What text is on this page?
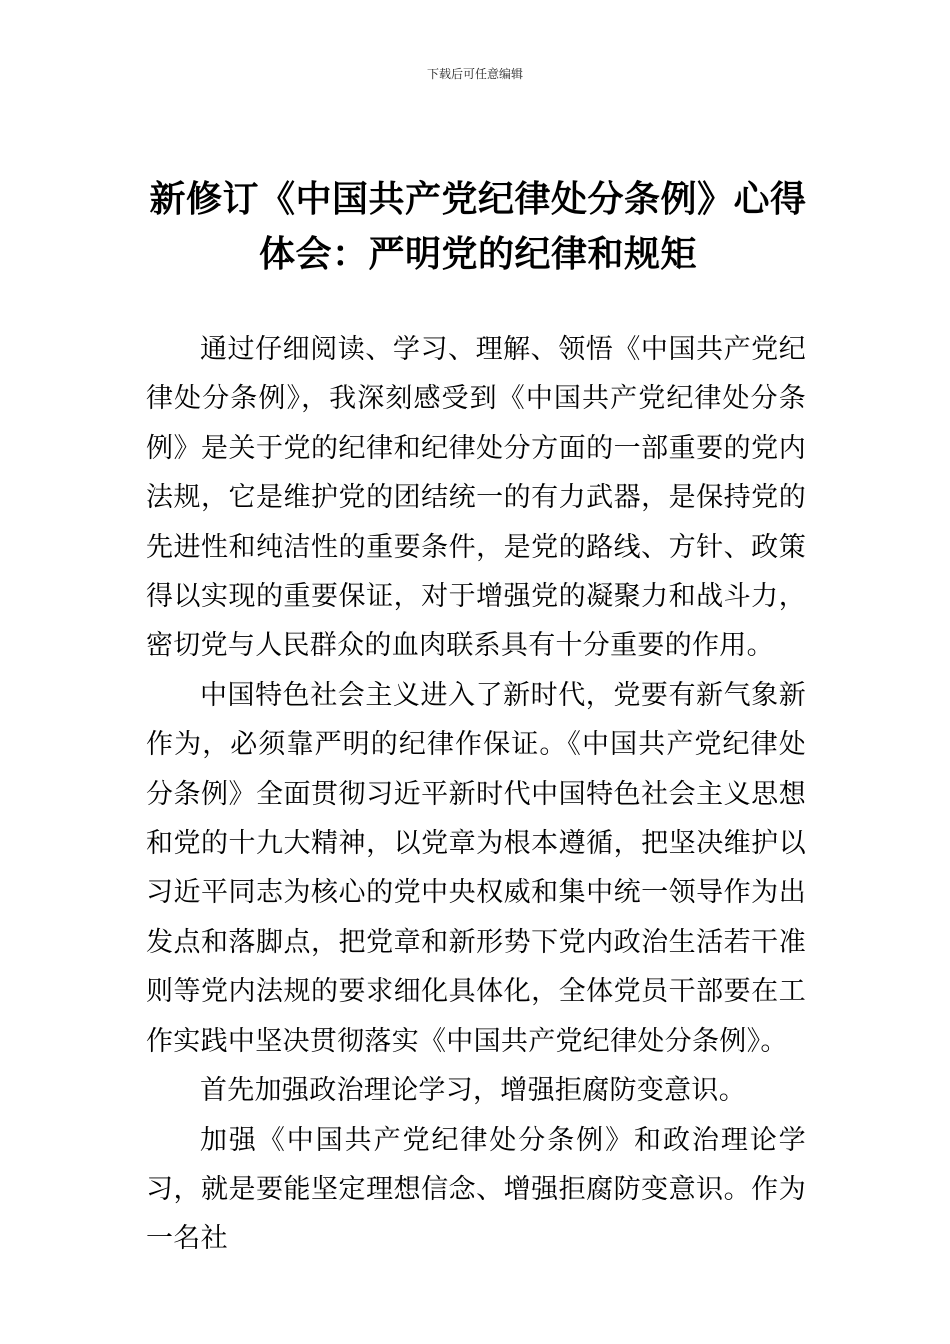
下载后可任意编辑
新修订《中国共产党纪律处分条例》心得体会：严明党的纪律和规矩

通过仔细阅读、学习、理解、领悟《中国共产党纪律处分条例》，我深刻感受到《中国共产党纪律处分条例》是关于党的纪律和纪律处分方面的一部重要的党内法规，它是维护党的团结统一的有力武器，是保持党的先进性和纯洁性的重要条件，是党的路线、方针、政策得以实现的重要保证，对于增强党的凝聚力和战斗力，密切党与人民群众的血肉联系具有十分重要的作用。

中国特色社会主义进入了新时代，党要有新气象新作为，必须靠严明的纪律作保证。《中国共产党纪律处分条例》全面贯彻习近平新时代中国特色社会主义思想和党的十九大精神，以党章为根本遵循，把坚决维护以习近平同志为核心的党中央权威和集中统一领导作为出发点和落脚点，把党章和新形势下党内政治生活若干准则等党内法规的要求细化具体化，全体党员干部要在工作实践中坚决贯彻落实《中国共产党纪律处分条例》。

首先加强政治理论学习，增强拒腐防变意识。

加强《中国共产党纪律处分条例》和政治理论学习，就是要能坚定理想信念、增强拒腐防变意识。作为一名社
